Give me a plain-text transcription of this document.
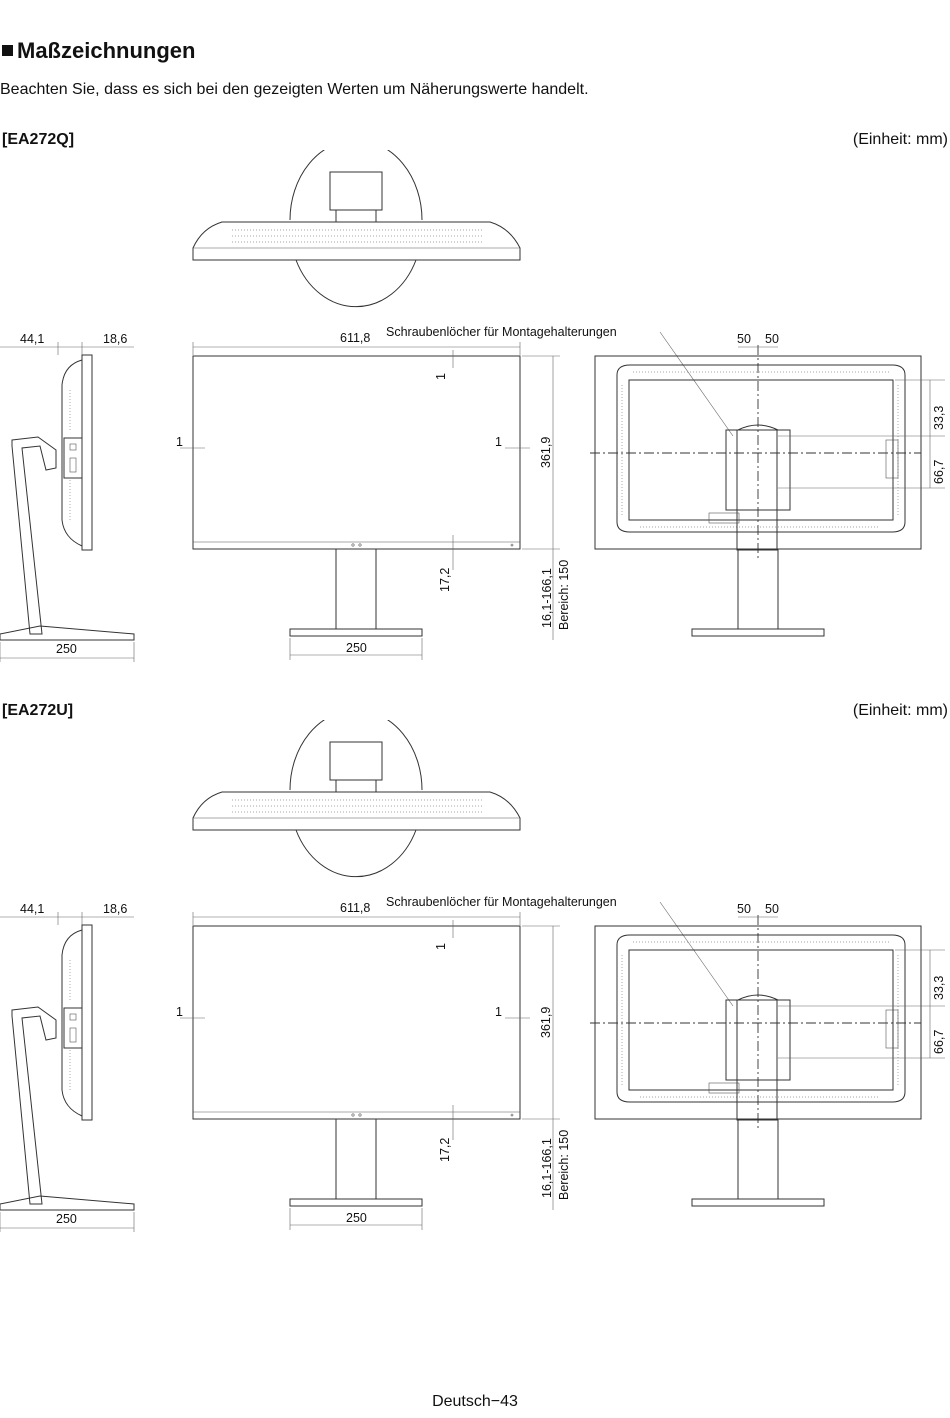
Maßzeichnungen
Beachten Sie, dass es sich bei den gezeigten Werten um Näherungswerte handelt.
[EA272Q]	(Einheit: mm)
[EA272U]	(Einheit: mm)
44,1	18,6
250
611,8 Schraubenlöcher für Montagehalterungen
1
1	1	361,9
17,2	16,1-166,1 Bereich: 150
250
50 50
33,3
66,7
44,1	18,6
250
611,8 Schraubenlöcher für Montagehalterungen
1
1	1	361,9
17,2	16,1-166,1 Bereich: 150
250
50 50
33,3
66,7
Deutsch−43
